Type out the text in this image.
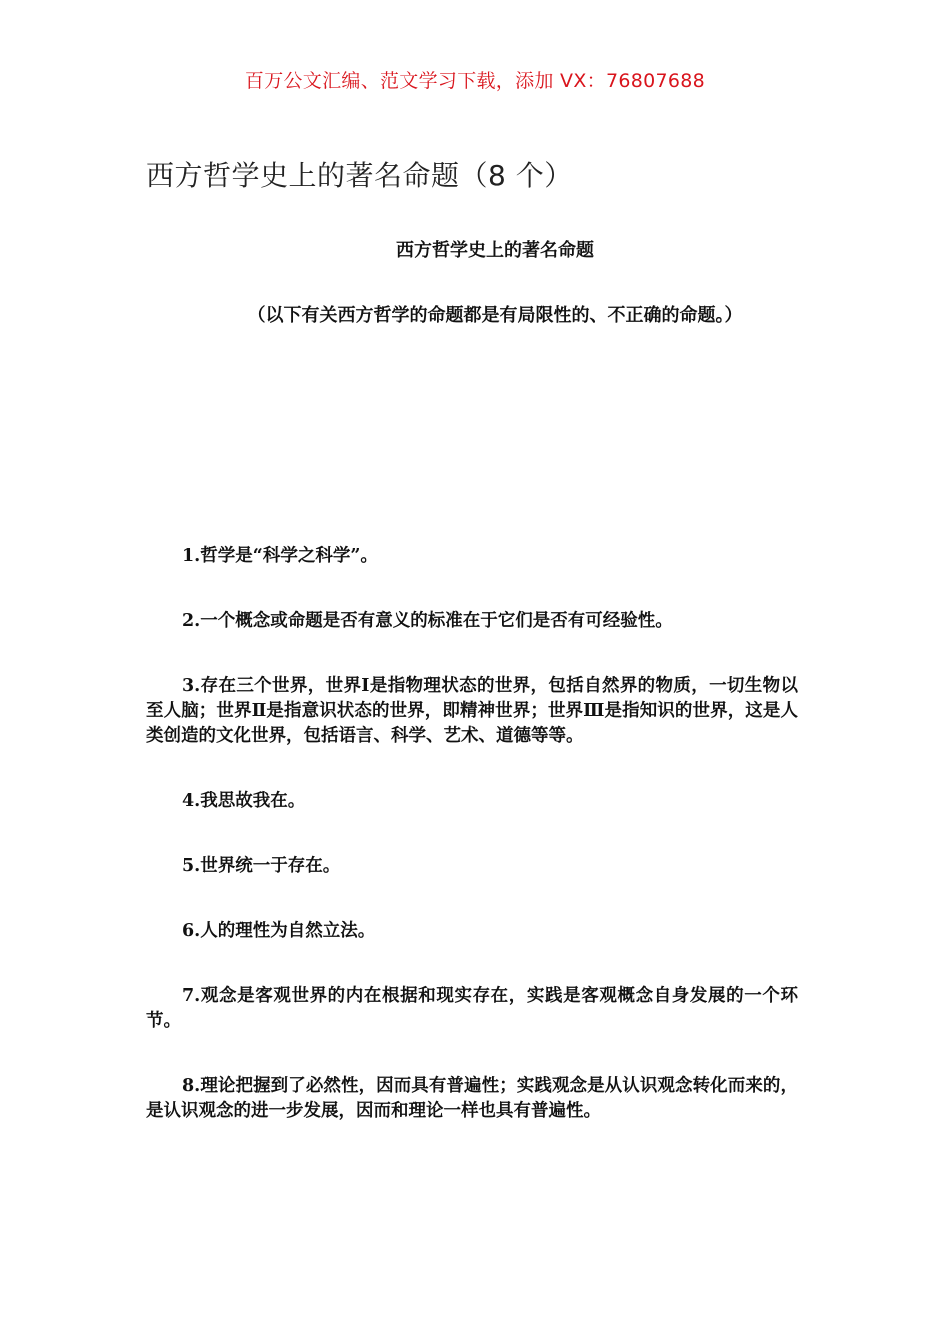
百万公文汇编、范文学习下载，添加 VX：76807688
西方哲学史上的著名命题（8 个）
西方哲学史上的著名命题
（以下有关西方哲学的命题都是有局限性的、不正确的命题。）
1.哲学是“科学之科学”。
2.一个概念或命题是否有意义的标准在于它们是否有可经验性。
3.存在三个世界，世界Ⅰ是指物理状态的世界，包括自然界的物质，一切生物以至人脑；世界Ⅱ是指意识状态的世界，即精神世界；世界Ⅲ是指知识的世界，这是人类创造的文化世界，包括语言、科学、艺术、道德等等。
4.我思故我在。
5.世界统一于存在。
6.人的理性为自然立法。
7.观念是客观世界的内在根据和现实存在，实践是客观概念自身发展的一个环节。
8.理论把握到了必然性，因而具有普遍性；实践观念是从认识观念转化而来的，是认识观念的进一步发展，因而和理论一样也具有普遍性。
